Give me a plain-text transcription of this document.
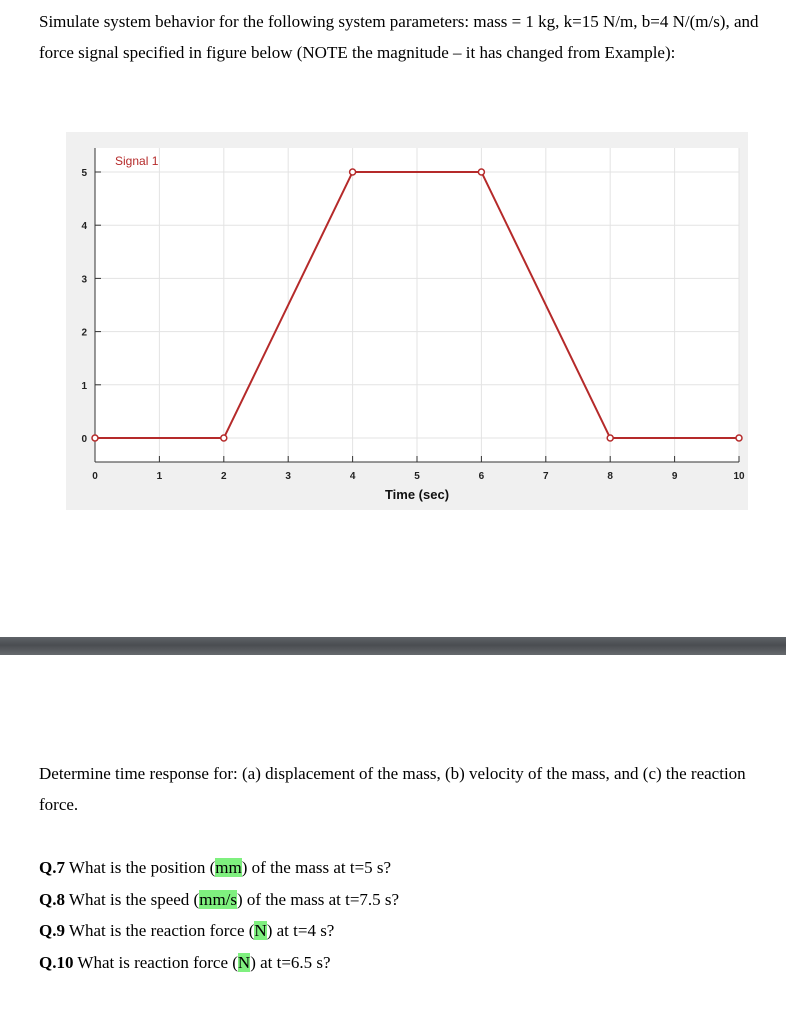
Simulate system behavior for the following system parameters: mass = 1 kg, k=15 N/m, b=4 N/(m/s), and force signal specified in figure below (NOTE the magnitude – it has changed from Example):

0
1
2
3
4
5
0	1	2	3	4	5	6	7	8	9	10
Time (sec)
Signal 1

Determine time response for: (a) displacement of the mass, (b) velocity of the mass, and (c) the reaction force.

Q.7 What is the position (mm) of the mass at t=5 s?
Q.8 What is the speed (mm/s) of the mass at t=7.5 s?
Q.9 What is the reaction force (N) at t=4 s?
Q.10 What is reaction force (N) at t=6.5 s?
